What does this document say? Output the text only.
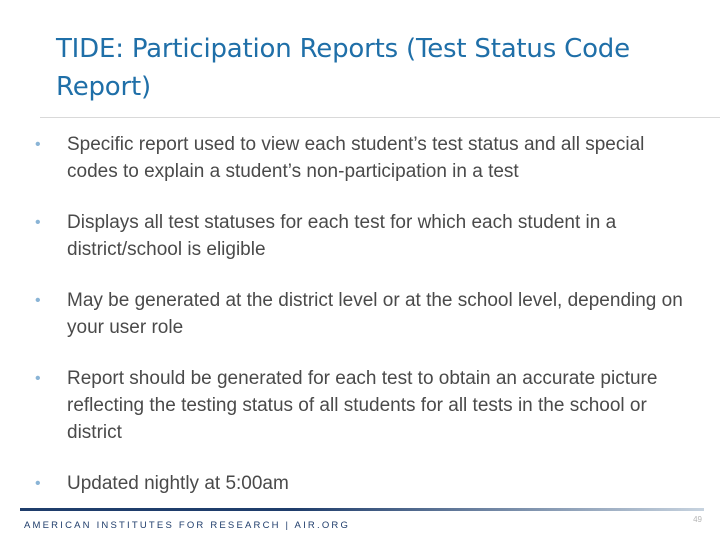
TIDE: Participation Reports (Test Status Code Report)
• Specific report used to view each student’s test status and all special codes to explain a student’s non-participation in a test
• Displays all test statuses for each test for which each student in a district/school is eligible
• May be generated at the district level or at the school level, depending on your user role
• Report should be generated for each test to obtain an accurate picture reflecting the testing status of all students for all tests in the school or district
• Updated nightly at 5:00am
AMERICAN INSTITUTES FOR RESEARCH | AIR.ORG
49
